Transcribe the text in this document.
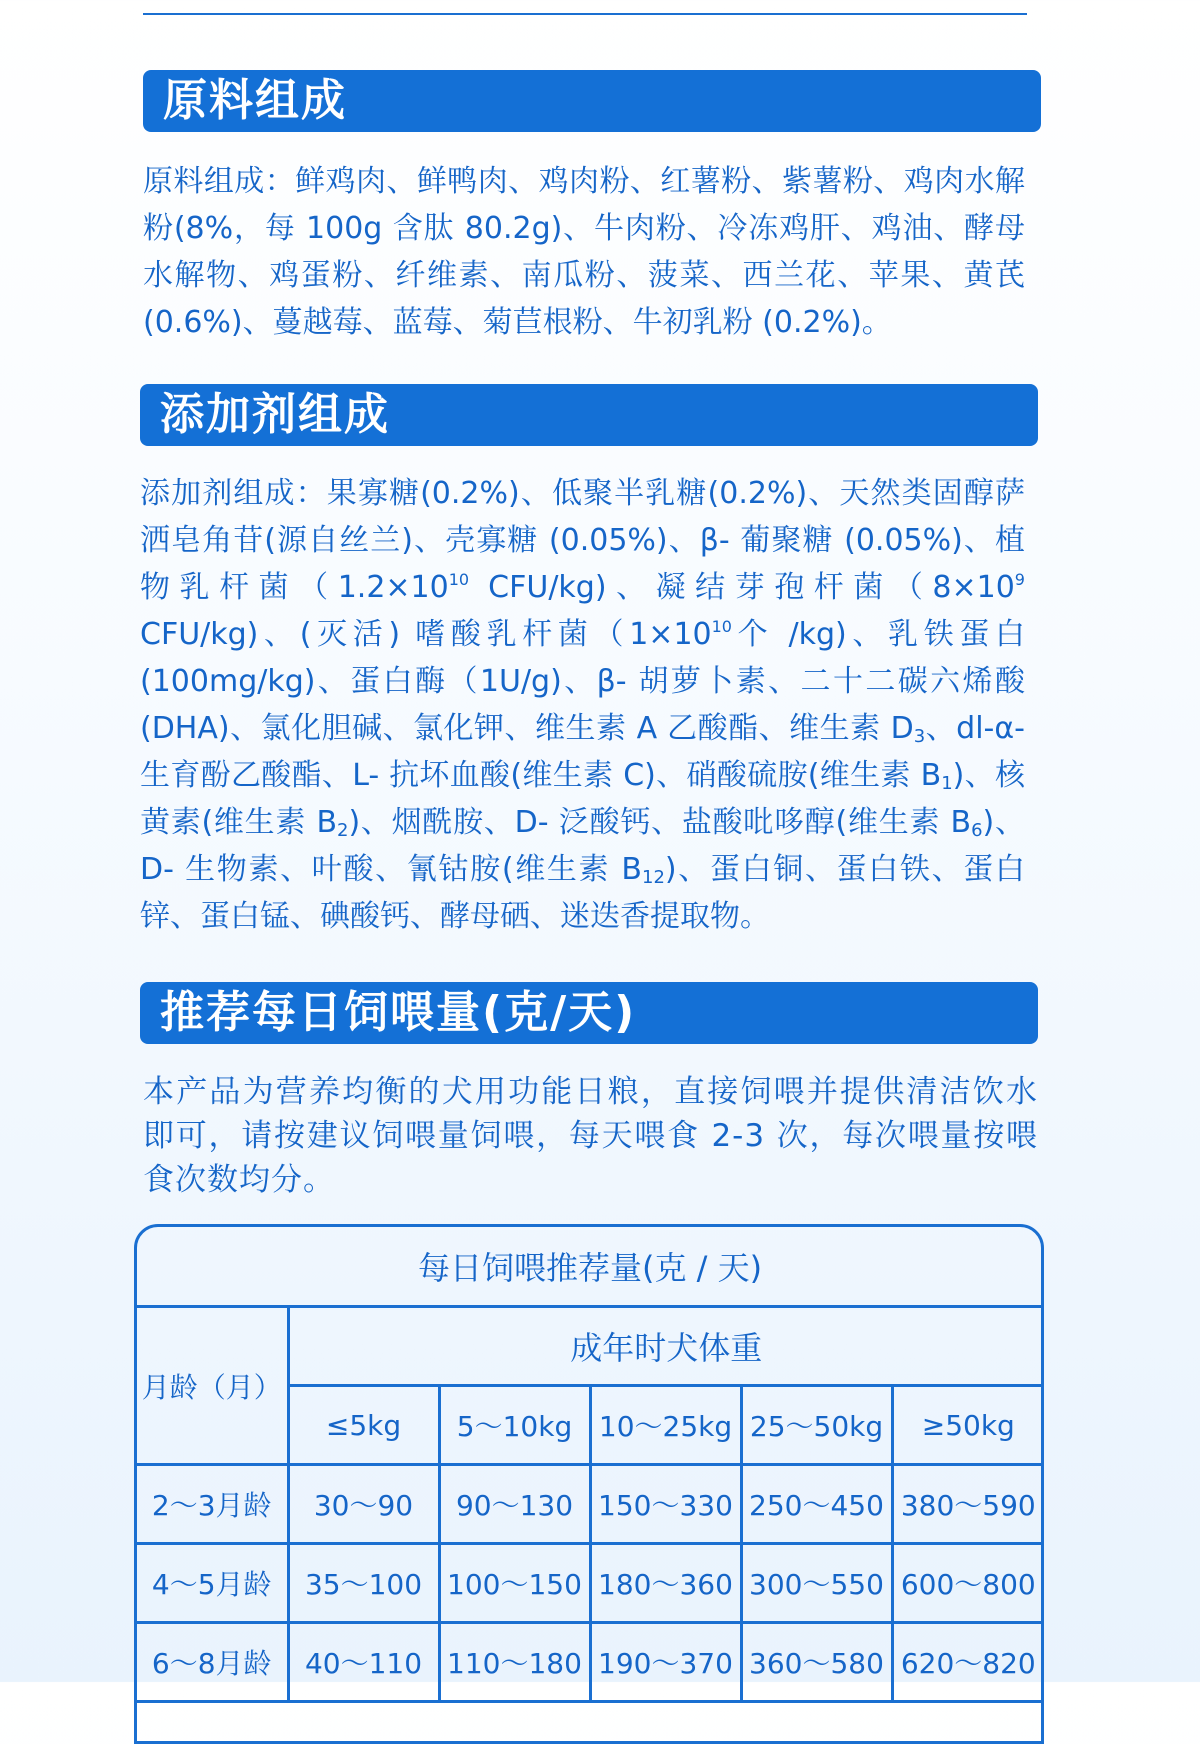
原料组成
原料组成：鲜鸡肉、鲜鸭肉、鸡肉粉、红薯粉、紫薯粉、鸡肉水解粉(8%，每 100g 含肽 80.2g)、牛肉粉、冷冻鸡肝、鸡油、酵母水解物、鸡蛋粉、纤维素、南瓜粉、菠菜、西兰花、苹果、黄芪(0.6%)、蔓越莓、蓝莓、菊苣根粉、牛初乳粉 (0.2%)。
添加剂组成
添加剂组成：果寡糖(0.2%)、低聚半乳糖(0.2%)、天然类固醇萨洒皂角苷(源自丝兰)、壳寡糖 (0.05%)、β- 葡聚糖 (0.05%)、植物乳杆菌（$1.2\times 10^{10}$ CFU/kg)、凝结芽孢杆菌（$8\times 10^9$ CFU/kg)、(灭活) 嗜酸乳杆菌（$1\times 10^{10}$个 /kg)、乳铁蛋白(100mg/kg)、蛋白酶（1U/g)、β- 胡萝卜素、二十二碳六烯酸(DHA)、氯化胆碱、氯化钾、维生素 A 乙酸酯、维生素 $D_3$、dl-α- 生育酚乙酸酯、L- 抗坏血酸(维生素 C)、硝酸硫胺(维生素 $B_1$)、核黄素(维生素 $B_2$)、烟酰胺、D- 泛酸钙、盐酸吡哆醇(维生素 $B_6$)、D- 生物素、叶酸、氰钴胺(维生素 $B_{12}$)、蛋白铜、蛋白铁、蛋白锌、蛋白锰、碘酸钙、酵母硒、迷迭香提取物。
推荐每日饲喂量(克/天)
本产品为营养均衡的犬用功能日粮，直接饲喂并提供清洁饮水即可，请按建议饲喂量饲喂，每天喂食 2-3 次，每次喂量按喂食次数均分。
每日饲喂推荐量(克 / 天)					
月龄（月）	成年时犬体重				
	≤5kg	5～10kg	10～25kg	25～50kg	≥50kg
2～3月龄	30～90	90～130	150～330	250～450	380～590
4～5月龄	35～100	100～150	180～360	300～550	600～800
6～8月龄	40～110	110～180	190～370	360～580	620～820
